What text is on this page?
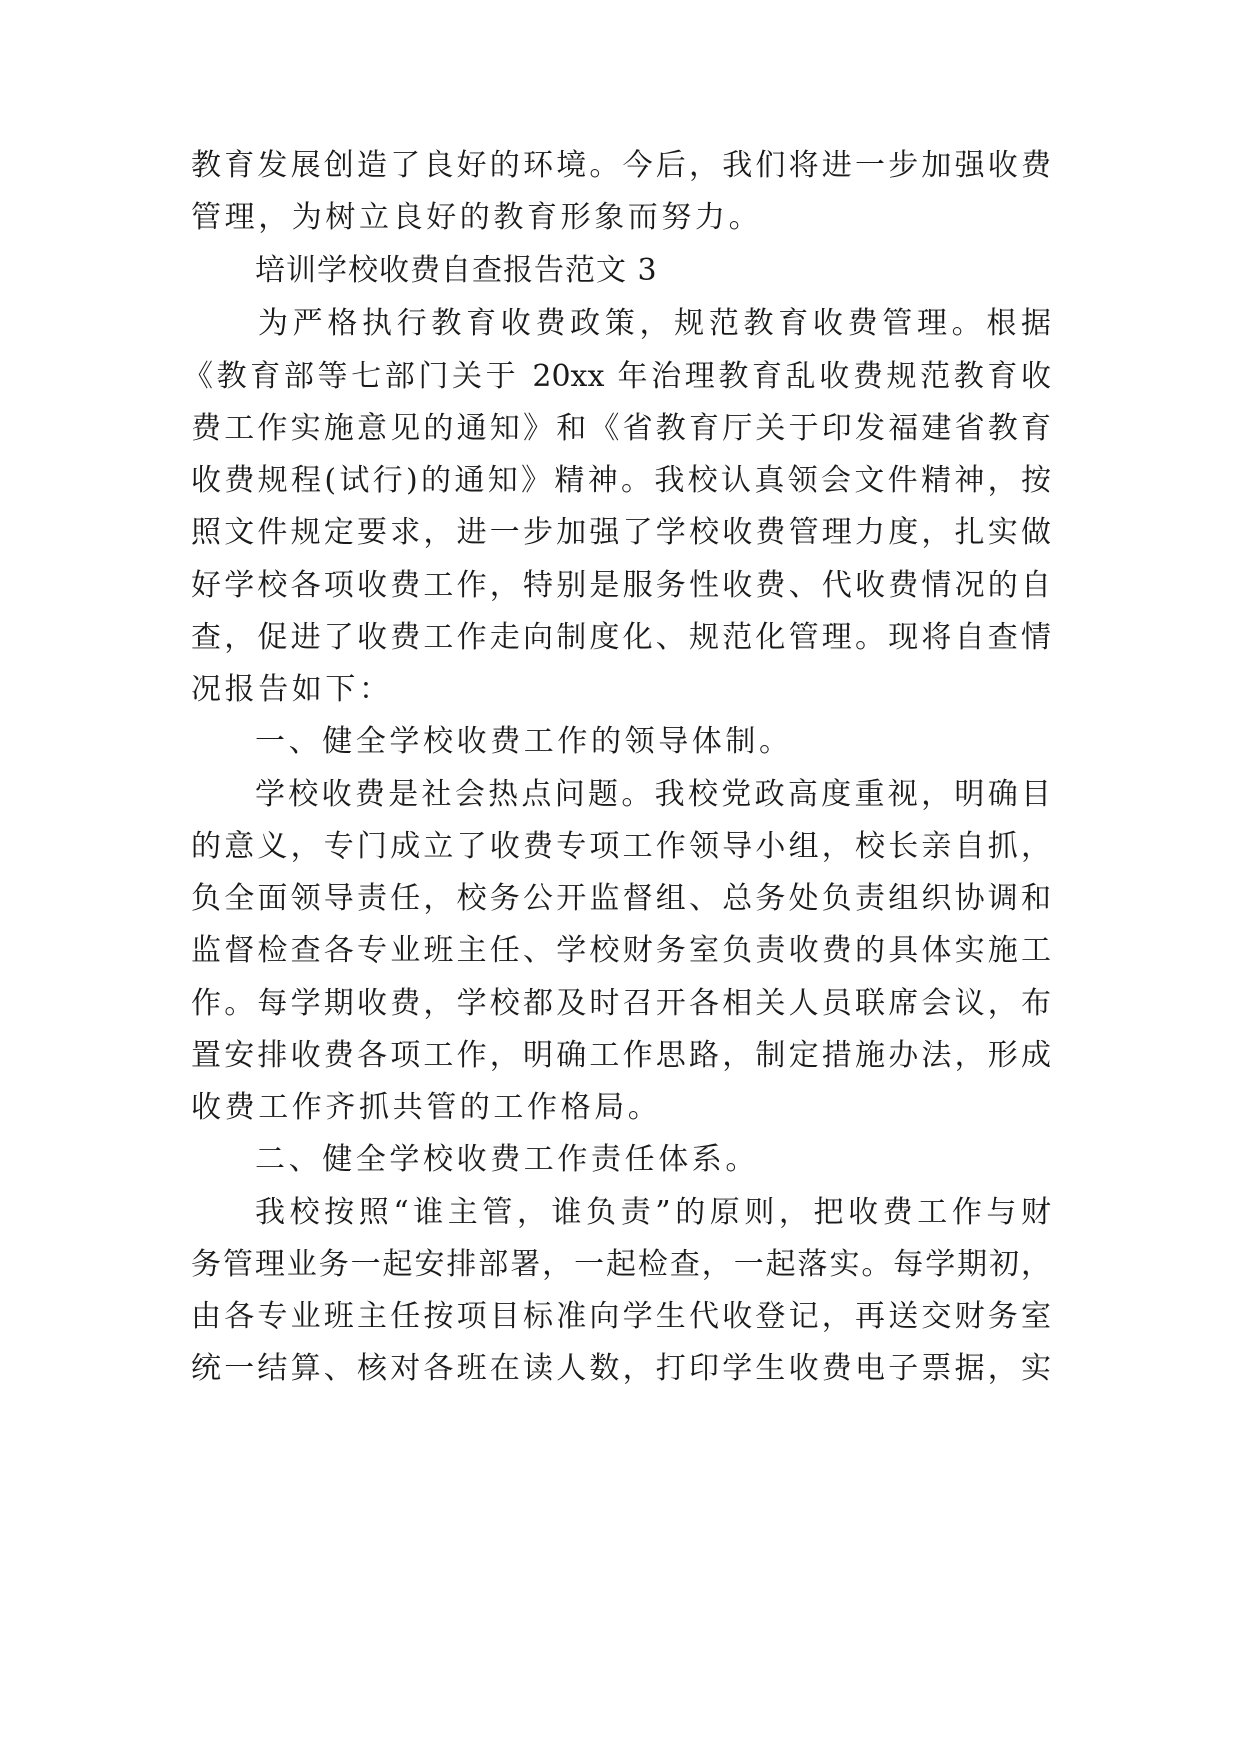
教育发展创造了良好的环境。今后，我们将进一步加强收费
管理，为树立良好的教育形象而努力。
培训学校收费自查报告范文 3
为严格执行教育收费政策，规范教育收费管理。根据
《教育部等七部门关于 20xx 年治理教育乱收费规范教育收
费工作实施意见的通知》和《省教育厅关于印发福建省教育
收费规程(试行)的通知》精神。我校认真领会文件精神，按
照文件规定要求，进一步加强了学校收费管理力度，扎实做
好学校各项收费工作，特别是服务性收费、代收费情况的自
查，促进了收费工作走向制度化、规范化管理。现将自查情
况报告如下：
一、健全学校收费工作的领导体制。
学校收费是社会热点问题。我校党政高度重视，明确目
的意义，专门成立了收费专项工作领导小组，校长亲自抓，
负全面领导责任，校务公开监督组、总务处负责组织协调和
监督检查各专业班主任、学校财务室负责收费的具体实施工
作。每学期收费，学校都及时召开各相关人员联席会议，布
置安排收费各项工作，明确工作思路，制定措施办法，形成
收费工作齐抓共管的工作格局。
二、健全学校收费工作责任体系。
我校按照“谁主管，谁负责”的原则，把收费工作与财
务管理业务一起安排部署，一起检查，一起落实。每学期初，
由各专业班主任按项目标准向学生代收登记，再送交财务室
统一结算、核对各班在读人数，打印学生收费电子票据，实
